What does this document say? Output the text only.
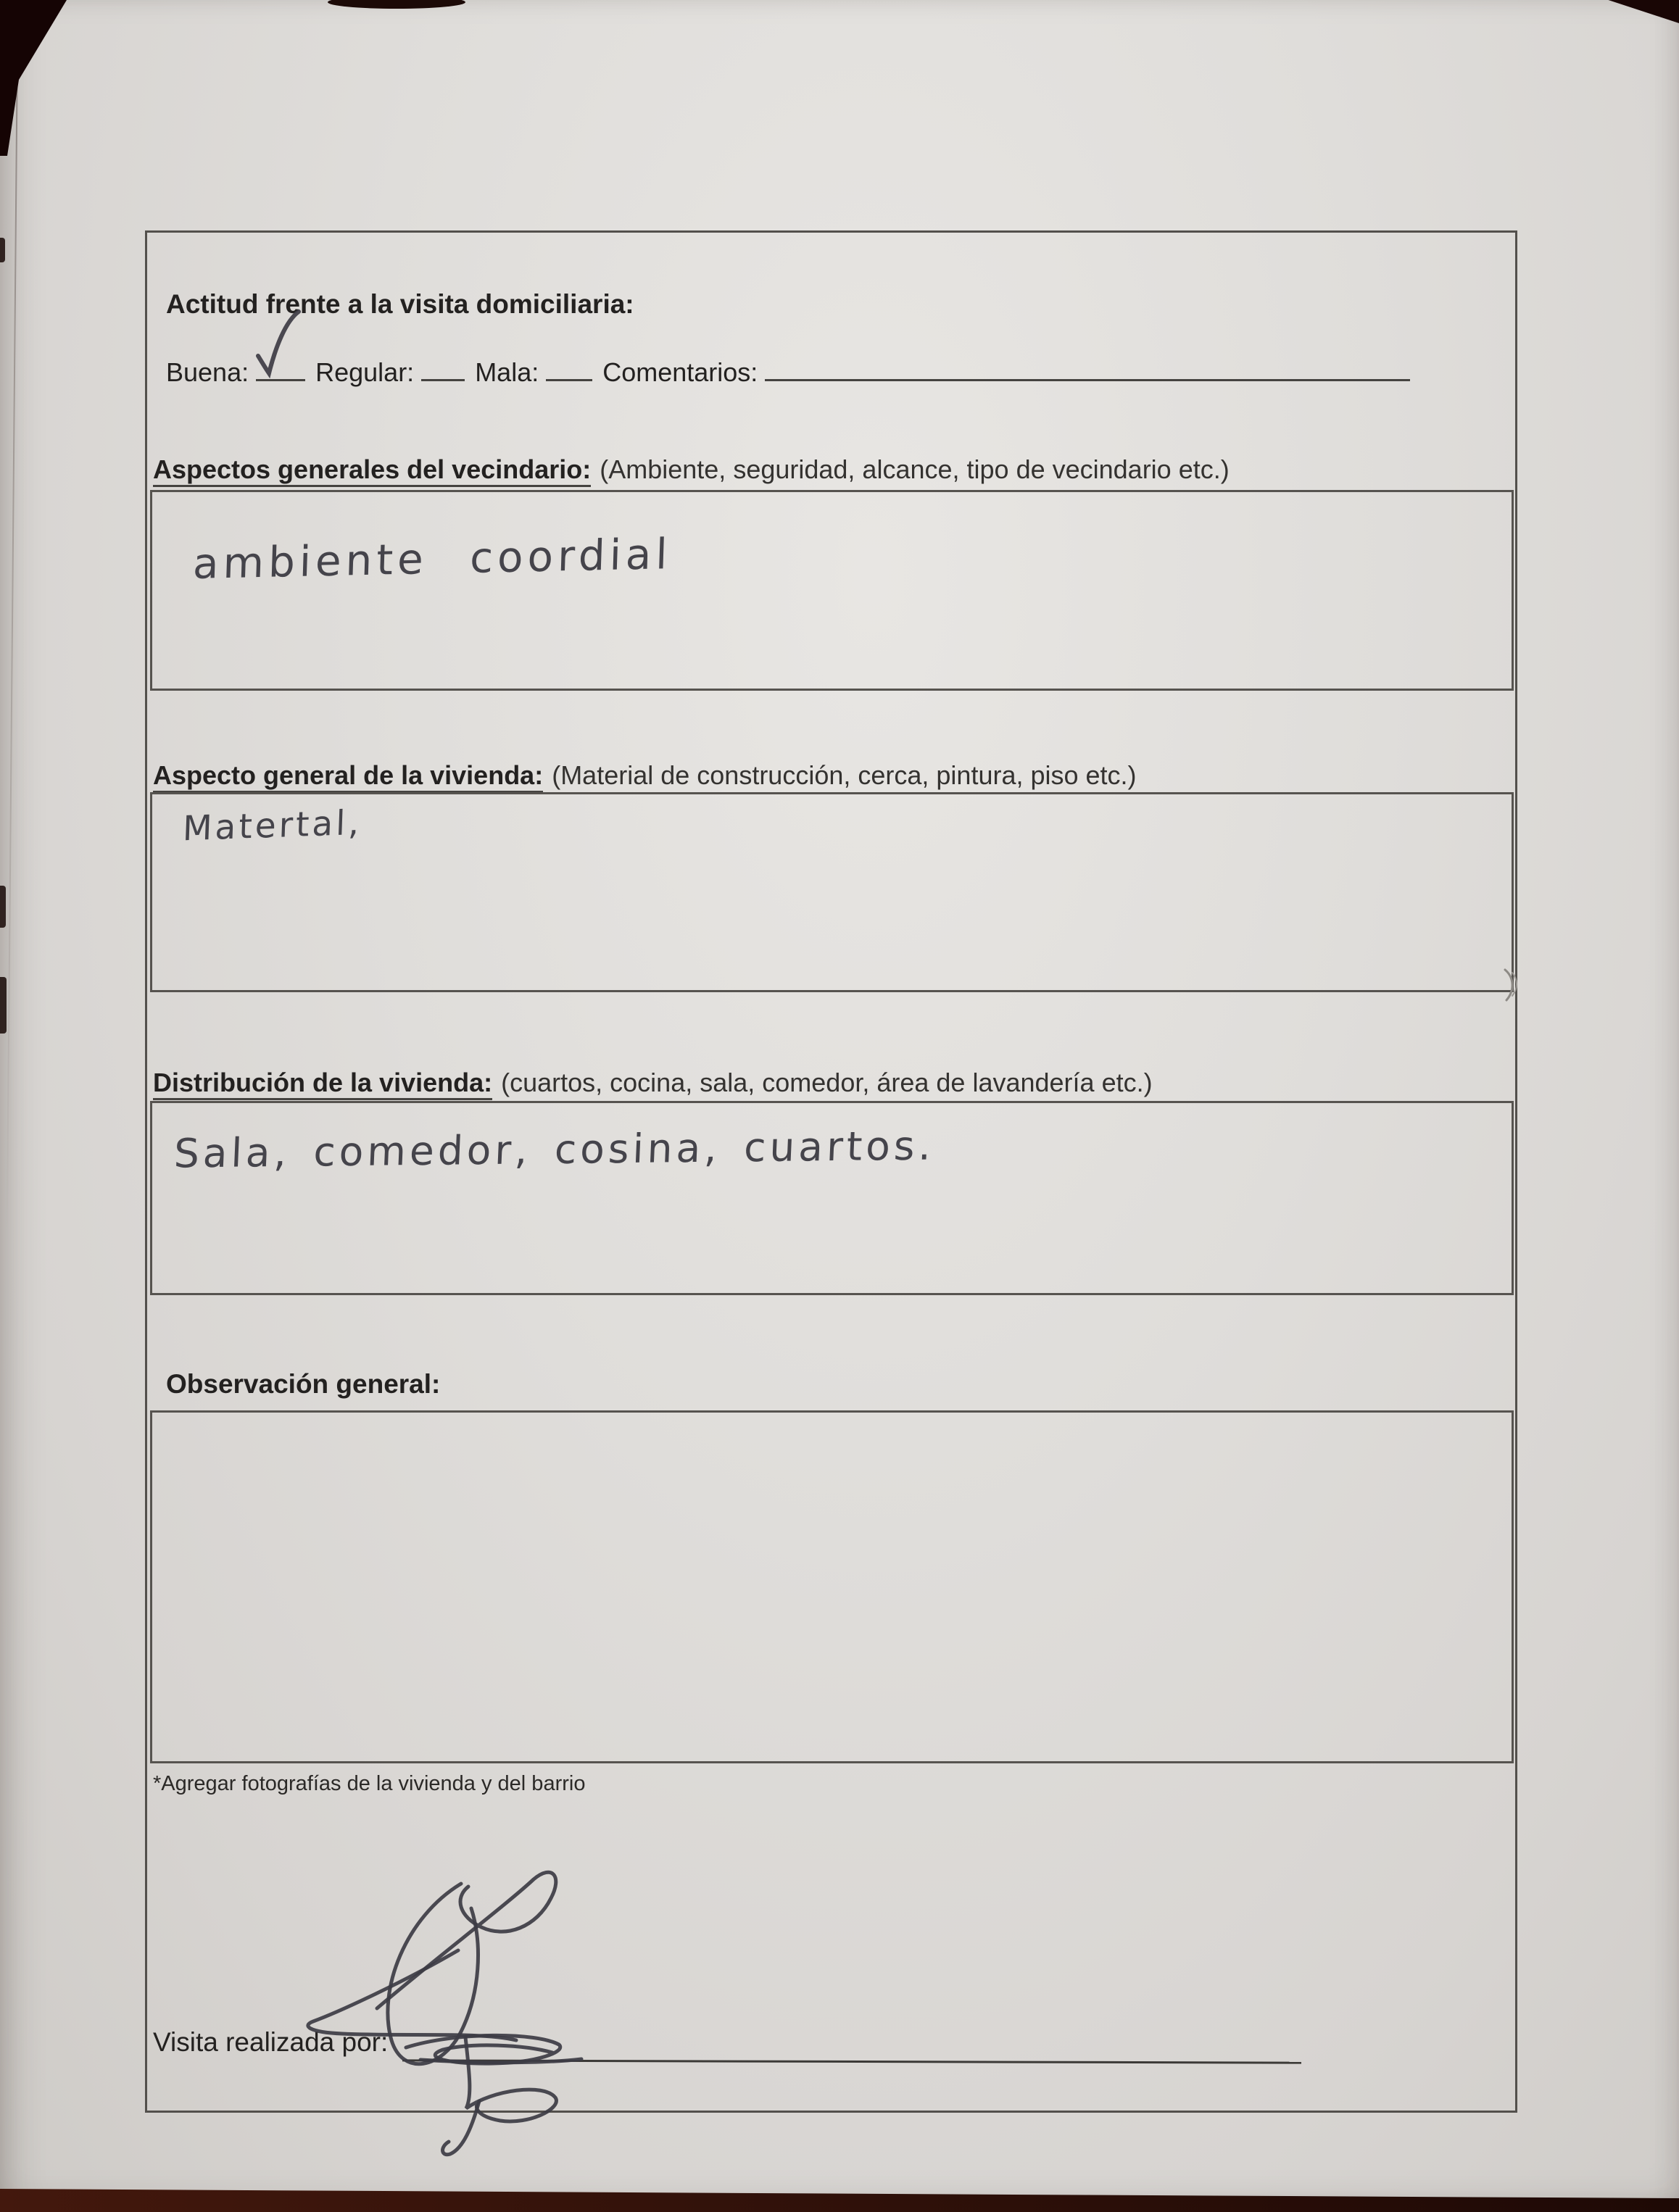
Actitud frente a la visita domiciliaria:
Buena:	Regular: Mala: Comentarios:
Aspectos generales del vecindario: (Ambiente, seguridad, alcance, tipo de vecindario etc.)
ambiente coordial
Aspecto general de la vivienda: (Material de construcción, cerca, pintura, piso etc.)
Matertal,
Distribución de la vivienda: (cuartos, cocina, sala, comedor, área de lavandería etc.)
Sala, comedor, cosina, cuartos.
Observación general:
*Agregar fotografías de la vivienda y del barrio
Visita realizada por:
